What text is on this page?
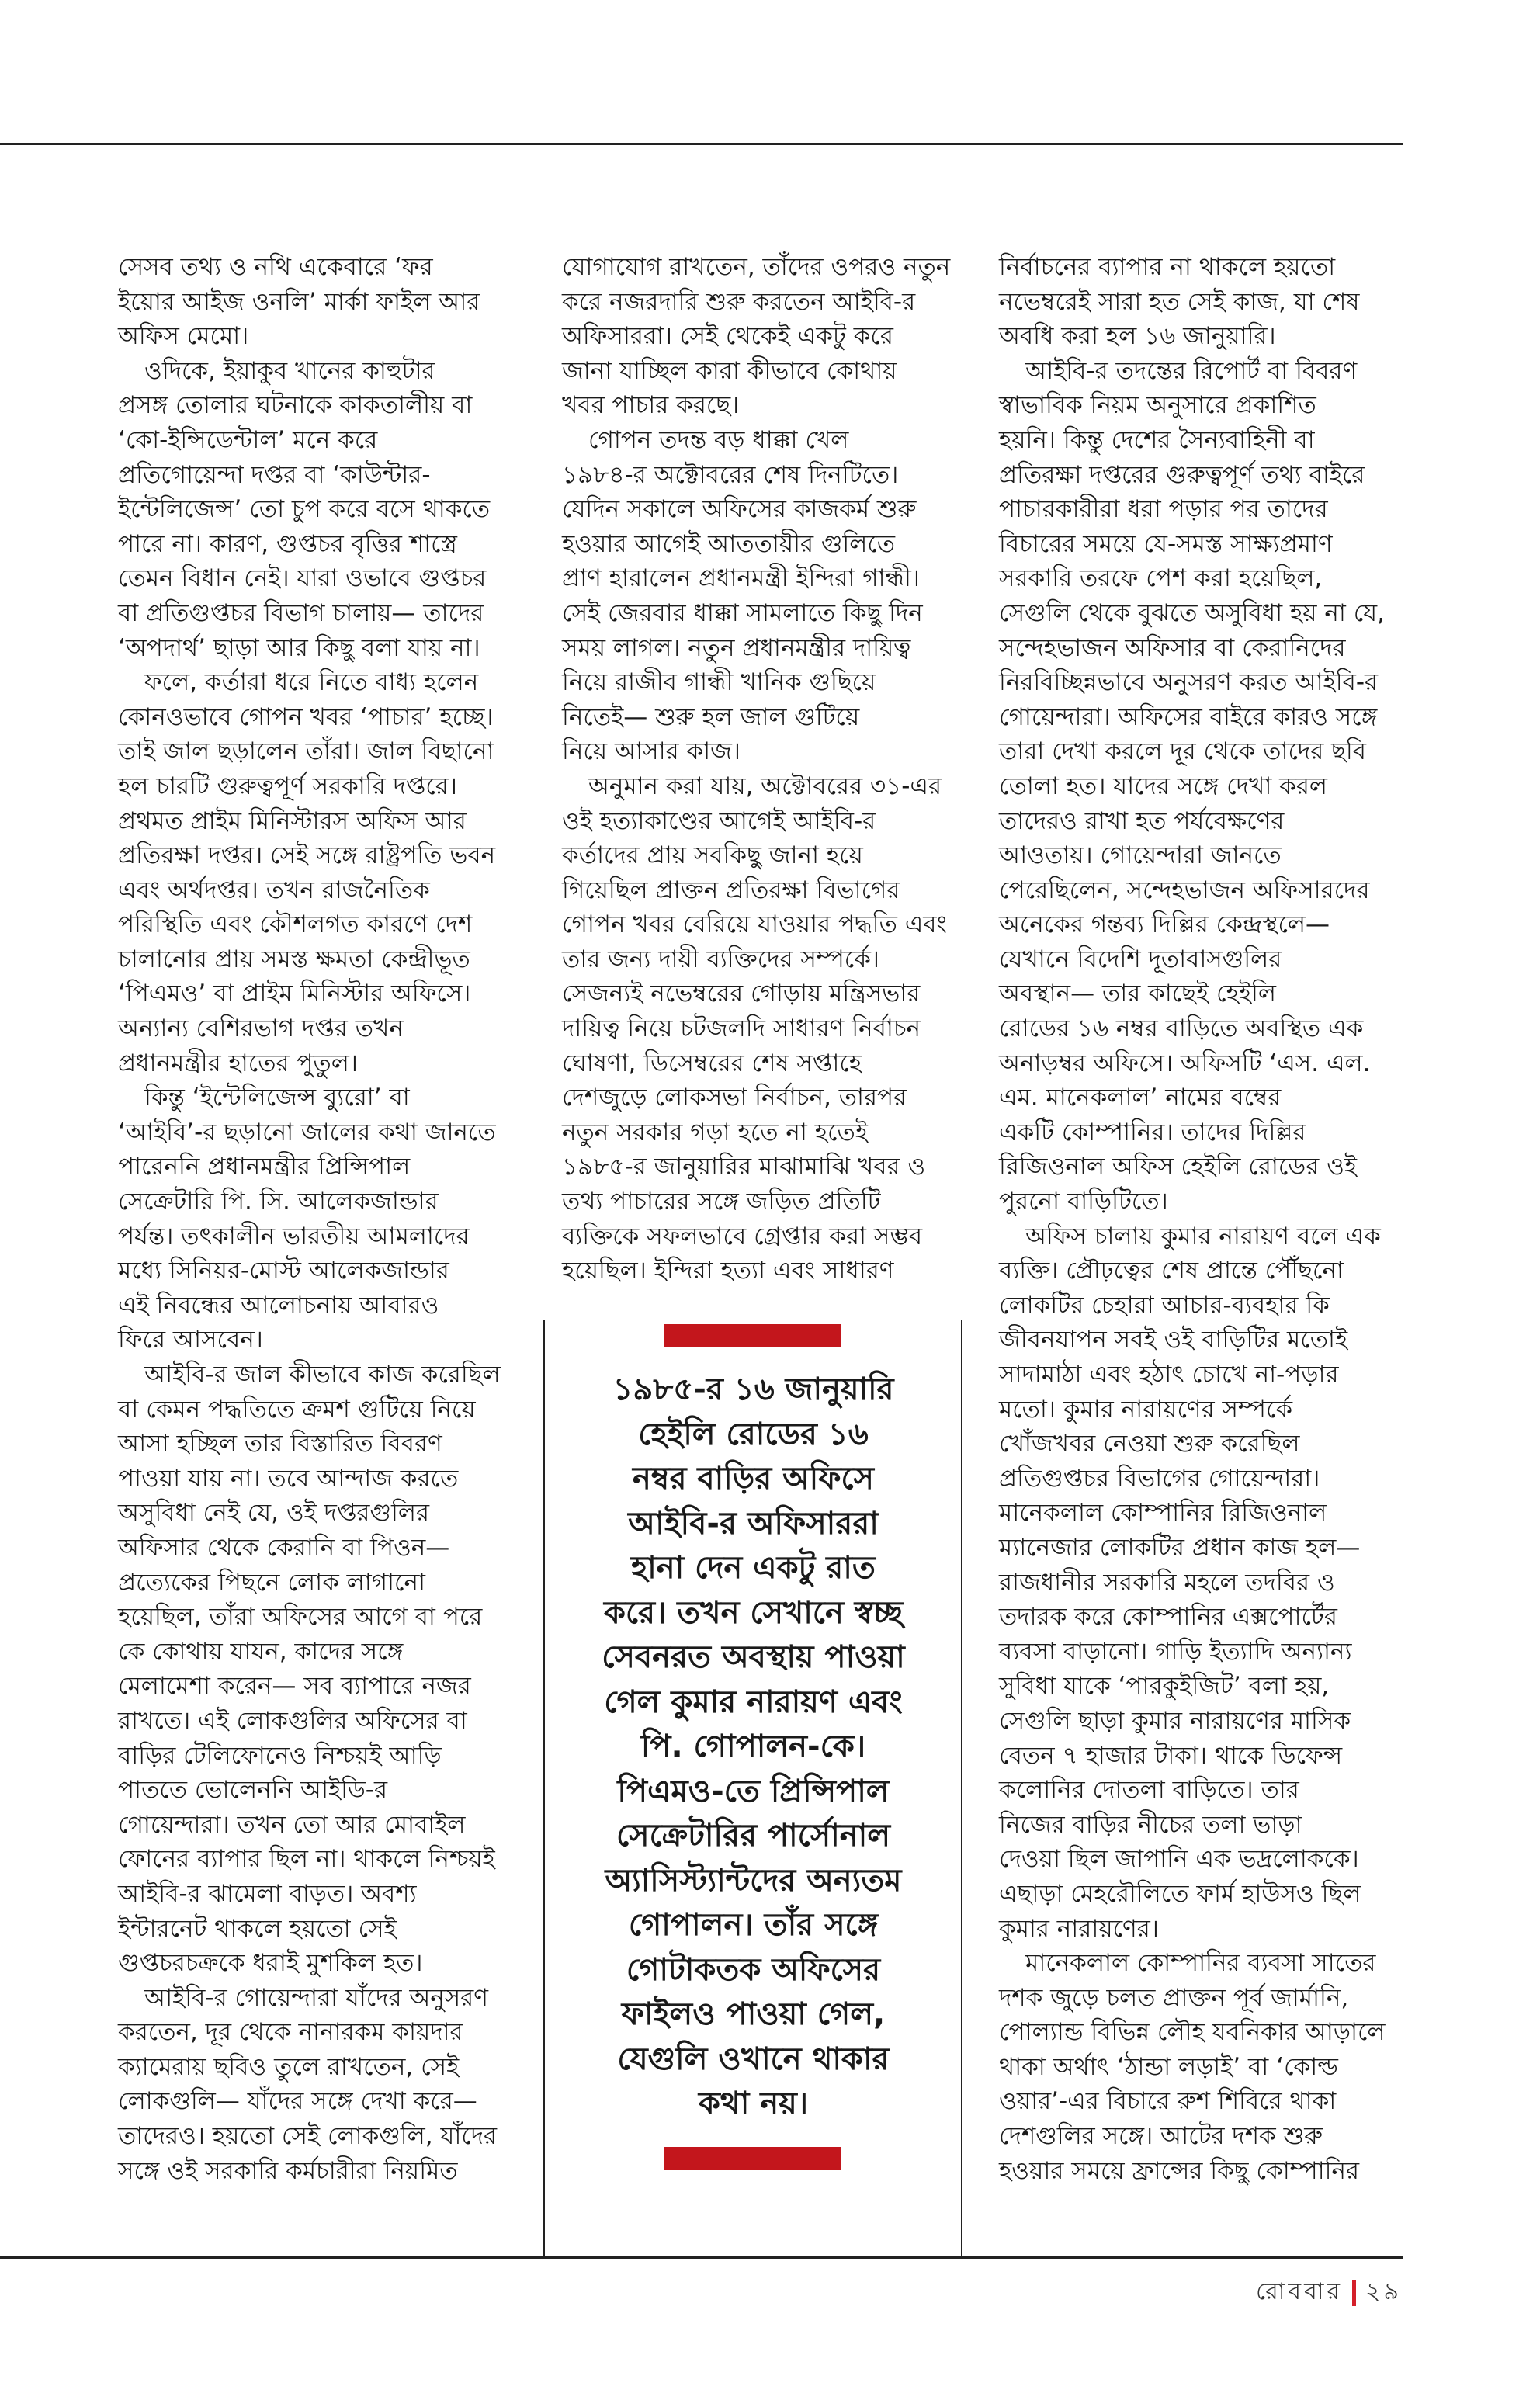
সেসব তথ্য ও নথি একেবারে ‘ফর
ইয়োর আইজ ওনলি’ মার্কা ফাইল আর
অফিস মেমো।
ওদিকে, ইয়াকুব খানের কাহুটার
প্রসঙ্গ তোলার ঘটনাকে কাকতালীয় বা
‘কো-ইন্সিডেন্টাল’ মনে করে
প্রতিগোয়েন্দা দপ্তর বা ‘কাউন্টার-
ইন্টেলিজেন্স’ তো চুপ করে বসে থাকতে
পারে না। কারণ, গুপ্তচর বৃত্তির শাস্ত্রে
তেমন বিধান নেই। যারা ওভাবে গুপ্তচর
বা প্রতিগুপ্তচর বিভাগ চালায়— তাদের
‘অপদার্থ’ ছাড়া আর কিছু বলা যায় না।
ফলে, কর্তারা ধরে নিতে বাধ্য হলেন
কোনওভাবে গোপন খবর ‘পাচার’ হচ্ছে।
তাই জাল ছড়ালেন তাঁরা। জাল বিছানো
হল চারটি গুরুত্বপূর্ণ সরকারি দপ্তরে।
প্রথমত প্রাইম মিনিস্টারস অফিস আর
প্রতিরক্ষা দপ্তর। সেই সঙ্গে রাষ্ট্রপতি ভবন
এবং অর্থদপ্তর। তখন রাজনৈতিক
পরিস্থিতি এবং কৌশলগত কারণে দেশ
চালানোর প্রায় সমস্ত ক্ষমতা কেন্দ্রীভূত
‘পিএমও’ বা প্রাইম মিনিস্টার অফিসে।
অন্যান্য বেশিরভাগ দপ্তর তখন
প্রধানমন্ত্রীর হাতের পুতুল।
কিন্তু ‘ইন্টেলিজেন্স ব্যুরো’ বা
‘আইবি’-র ছড়ানো জালের কথা জানতে
পারেননি প্রধানমন্ত্রীর প্রিন্সিপাল
সেক্রেটারি পি. সি. আলেকজান্ডার
পর্যন্ত। তৎকালীন ভারতীয় আমলাদের
মধ্যে সিনিয়র-মোস্ট আলেকজান্ডার
এই নিবন্ধের আলোচনায় আবারও
ফিরে আসবেন।
আইবি-র জাল কীভাবে কাজ করেছিল
বা কেমন পদ্ধতিতে ক্রমশ গুটিয়ে নিয়ে
আসা হচ্ছিল তার বিস্তারিত বিবরণ
পাওয়া যায় না। তবে আন্দাজ করতে
অসুবিধা নেই যে, ওই দপ্তরগুলির
অফিসার থেকে কেরানি বা পিওন—
প্রত্যেকের পিছনে লোক লাগানো
হয়েছিল, তাঁরা অফিসের আগে বা পরে
কে কোথায় যাযন, কাদের সঙ্গে
মেলামেশা করেন— সব ব্যাপারে নজর
রাখতে। এই লোকগুলির অফিসের বা
বাড়ির টেলিফোনেও নিশ্চয়ই আড়ি
পাততে ভোলেননি আইডি-র
গোয়েন্দারা। তখন তো আর মোবাইল
ফোনের ব্যাপার ছিল না। থাকলে নিশ্চয়ই
আইবি-র ঝামেলা বাড়ত। অবশ্য
ইন্টারনেট থাকলে হয়তো সেই
গুপ্তচরচক্রকে ধরাই মুশকিল হত।
আইবি-র গোয়েন্দারা যাঁদের অনুসরণ
করতেন, দূর থেকে নানারকম কায়দার
ক্যামেরায় ছবিও তুলে রাখতেন, সেই
লোকগুলি— যাঁদের সঙ্গে দেখা করে—
তাদেরও। হয়তো সেই লোকগুলি, যাঁদের
সঙ্গে ওই সরকারি কর্মচারীরা নিয়মিত
যোগাযোগ রাখতেন, তাঁদের ওপরও নতুন
করে নজরদারি শুরু করতেন আইবি-র
অফিসাররা। সেই থেকেই একটু করে
জানা যাচ্ছিল কারা কীভাবে কোথায়
খবর পাচার করছে।
গোপন তদন্ত বড় ধাক্কা খেল
১৯৮৪-র অক্টোবরের শেষ দিনটিতে।
যেদিন সকালে অফিসের কাজকর্ম শুরু
হওয়ার আগেই আততায়ীর গুলিতে
প্রাণ হারালেন প্রধানমন্ত্রী ইন্দিরা গান্ধী।
সেই জেরবার ধাক্কা সামলাতে কিছু দিন
সময় লাগল। নতুন প্রধানমন্ত্রীর দায়িত্ব
নিয়ে রাজীব গান্ধী খানিক গুছিয়ে
নিতেই— শুরু হল জাল গুটিয়ে
নিয়ে আসার কাজ।
অনুমান করা যায়, অক্টোবরের ৩১-এর
ওই হত্যাকাণ্ডের আগেই আইবি-র
কর্তাদের প্রায় সবকিছু জানা হয়ে
গিয়েছিল প্রাক্তন প্রতিরক্ষা বিভাগের
গোপন খবর বেরিয়ে যাওয়ার পদ্ধতি এবং
তার জন্য দায়ী ব্যক্তিদের সম্পর্কে।
সেজন্যই নভেম্বরের গোড়ায় মন্ত্রিসভার
দায়িত্ব নিয়ে চটজলদি সাধারণ নির্বাচন
ঘোষণা, ডিসেম্বরের শেষ সপ্তাহে
দেশজুড়ে লোকসভা নির্বাচন, তারপর
নতুন সরকার গড়া হতে না হতেই
১৯৮৫-র জানুয়ারির মাঝামাঝি খবর ও
তথ্য পাচারের সঙ্গে জড়িত প্রতিটি
ব্যক্তিকে সফলভাবে গ্রেপ্তার করা সম্ভব
হয়েছিল। ইন্দিরা হত্যা এবং সাধারণ
নির্বাচনের ব্যাপার না থাকলে হয়তো
নভেম্বরেই সারা হত সেই কাজ, যা শেষ
অবধি করা হল ১৬ জানুয়ারি।
আইবি-র তদন্তের রিপোর্ট বা বিবরণ
স্বাভাবিক নিয়ম অনুসারে প্রকাশিত
হয়নি। কিন্তু দেশের সৈন্যবাহিনী বা
প্রতিরক্ষা দপ্তরের গুরুত্বপূর্ণ তথ্য বাইরে
পাচারকারীরা ধরা পড়ার পর তাদের
বিচারের সময়ে যে-সমস্ত সাক্ষ্যপ্রমাণ
সরকারি তরফে পেশ করা হয়েছিল,
সেগুলি থেকে বুঝতে অসুবিধা হয় না যে,
সন্দেহভাজন অফিসার বা কেরানিদের
নিরবিচ্ছিন্নভাবে অনুসরণ করত আইবি-র
গোয়েন্দারা। অফিসের বাইরে কারও সঙ্গে
তারা দেখা করলে দূর থেকে তাদের ছবি
তোলা হত। যাদের সঙ্গে দেখা করল
তাদেরও রাখা হত পর্যবেক্ষণের
আওতায়। গোয়েন্দারা জানতে
পেরেছিলেন, সন্দেহভাজন অফিসারদের
অনেকের গন্তব্য দিল্লির কেন্দ্রস্থলে—
যেখানে বিদেশি দূতাবাসগুলির
অবস্থান— তার কাছেই হেইলি
রোডের ১৬ নম্বর বাড়িতে অবস্থিত এক
অনাড়ম্বর অফিসে। অফিসটি ‘এস. এল.
এম. মানেকলাল’ নামের বম্বের
একটি কোম্পানির। তাদের দিল্লির
রিজিওনাল অফিস হেইলি রোডের ওই
পুরনো বাড়িটিতে।
অফিস চালায় কুমার নারায়ণ বলে এক
ব্যক্তি। প্রৌঢ়ত্বের শেষ প্রান্তে পৌঁছনো
লোকটির চেহারা আচার-ব্যবহার কি
জীবনযাপন সবই ওই বাড়িটির মতোই
সাদামাঠা এবং হঠাৎ চোখে না-পড়ার
মতো। কুমার নারায়ণের সম্পর্কে
খোঁজখবর নেওয়া শুরু করেছিল
প্রতিগুপ্তচর বিভাগের গোয়েন্দারা।
মানেকলাল কোম্পানির রিজিওনাল
ম্যানেজার লোকটির প্রধান কাজ হল—
রাজধানীর সরকারি মহলে তদবির ও
তদারক করে কোম্পানির এক্সপোর্টের
ব্যবসা বাড়ানো। গাড়ি ইত্যাদি অন্যান্য
সুবিধা যাকে ‘পারকুইজিট’ বলা হয়,
সেগুলি ছাড়া কুমার নারায়ণের মাসিক
বেতন ৭ হাজার টাকা। থাকে ডিফেন্স
কলোনির দোতলা বাড়িতে। তার
নিজের বাড়ির নীচের তলা ভাড়া
দেওয়া ছিল জাপানি এক ভদ্রলোককে।
এছাড়া মেহরৌলিতে ফার্ম হাউসও ছিল
কুমার নারায়ণের।
মানেকলাল কোম্পানির ব্যবসা সাতের
দশক জুড়ে চলত প্রাক্তন পূর্ব জার্মানি,
পোল্যান্ড বিভিন্ন লৌহ যবনিকার আড়ালে
থাকা অর্থাৎ ‘ঠান্ডা লড়াই’ বা ‘কোল্ড
ওয়ার’-এর বিচারে রুশ শিবিরে থাকা
দেশগুলির সঙ্গে। আটের দশক শুরু
হওয়ার সময়ে ফ্রান্সের কিছু কোম্পানির
১৯৮৫-র ১৬ জানুয়ারি
হেইলি রোডের ১৬
নম্বর বাড়ির অফিসে
আইবি-র অফিসাররা
হানা দেন একটু রাত
করে। তখন সেখানে স্বচ্ছ
সেবনরত অবস্থায় পাওয়া
গেল কুমার নারায়ণ এবং
পি. গোপালন-কে।
পিএমও-তে প্রিন্সিপাল
সেক্রেটারির পার্সোনাল
অ্যাসিস্ট্যান্টদের অন্যতম
গোপালন। তাঁর সঙ্গে
গোটাকতক অফিসের
ফাইলও পাওয়া গেল,
যেগুলি ওখানে থাকার
কথা নয়।
রোববার ২৯
